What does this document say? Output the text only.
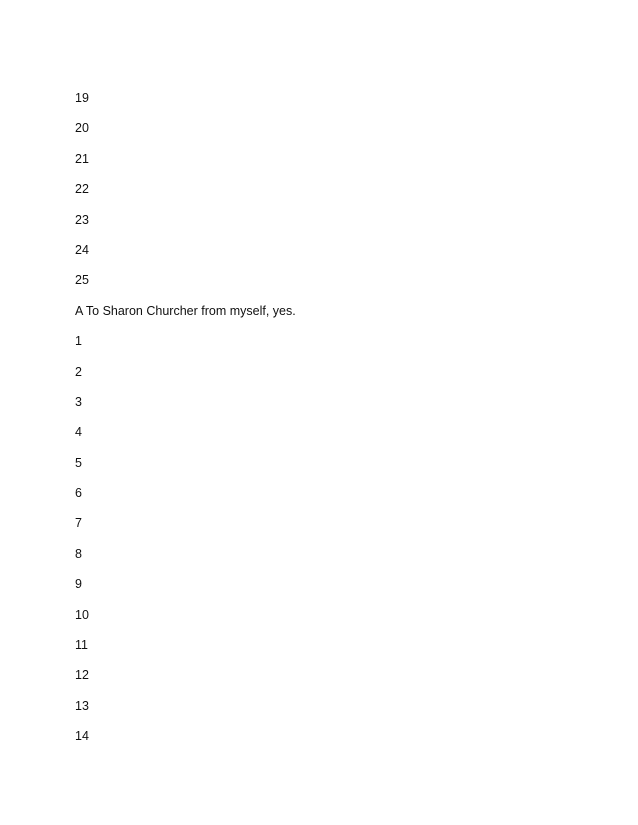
19
20
21
22
23
24
25
A To Sharon Churcher from myself, yes.
1
2
3
4
5
6
7
8
9
10
11
12
13
14
